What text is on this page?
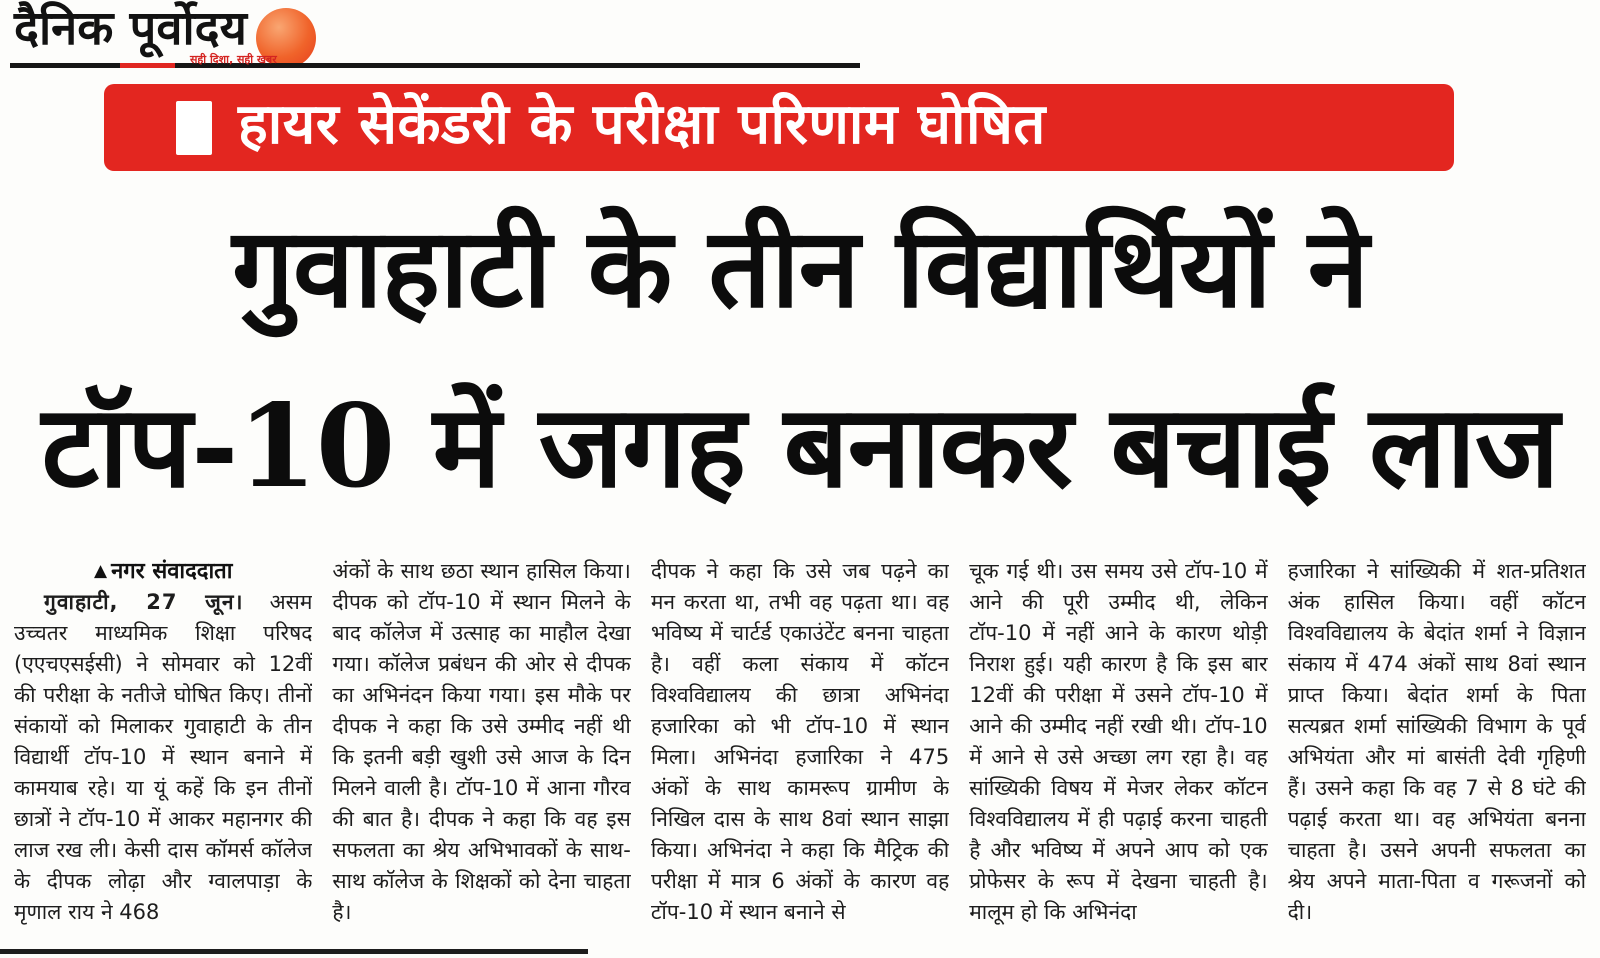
दैनिक पूर्वोदय
सही दिशा, सही खबर
हायर सेकेंडरी के परीक्षा परिणाम घोषित
गुवाहाटी के तीन विद्यार्थियों ने
टॉप-10 में जगह बनाकर बचाई लाज
▲ नगर संवाददाता
गुवाहाटी, 27 जून। असम उच्चतर माध्यमिक शिक्षा परिषद (एएचएसईसी) ने सोमवार को 12वीं की परीक्षा के नतीजे घोषित किए। तीनों संकायों को मिलाकर गुवाहाटी के तीन विद्यार्थी टॉप-10 में स्थान बनाने में कामयाब रहे। या यूं कहें कि इन तीनों छात्रों ने टॉप-10 में आकर महानगर की लाज रख ली। केसी दास कॉमर्स कॉलेज के दीपक लोढ़ा और ग्वालपाड़ा के मृणाल राय ने 468
अंकों के साथ छठा स्थान हासिल किया। दीपक को टॉप-10 में स्थान मिलने के बाद कॉलेज में उत्साह का माहौल देखा गया। कॉलेज प्रबंधन की ओर से दीपक का अभिनंदन किया गया। इस मौके पर दीपक ने कहा कि उसे उम्मीद नहीं थी कि इतनी बड़ी खुशी उसे आज के दिन मिलने वाली है। टॉप-10 में आना गौरव की बात है। दीपक ने कहा कि वह इस सफलता का श्रेय अभिभावकों के साथ-साथ कॉलेज के शिक्षकों को देना चाहता है।
दीपक ने कहा कि उसे जब पढ़ने का मन करता था, तभी वह पढ़ता था। वह भविष्य में चार्टर्ड एकाउंटेंट बनना चाहता है। वहीं कला संकाय में कॉटन विश्वविद्यालय की छात्रा अभिनंदा हजारिका को भी टॉप-10 में स्थान मिला। अभिनंदा हजारिका ने 475 अंकों के साथ कामरूप ग्रामीण के निखिल दास के साथ 8वां स्थान साझा किया। अभिनंदा ने कहा कि मैट्रिक की परीक्षा में मात्र 6 अंकों के कारण वह टॉप-10 में स्थान बनाने से
चूक गई थी। उस समय उसे टॉप-10 में आने की पूरी उम्मीद थी, लेकिन टॉप-10 में नहीं आने के कारण थोड़ी निराश हुई। यही कारण है कि इस बार 12वीं की परीक्षा में उसने टॉप-10 में आने की उम्मीद नहीं रखी थी। टॉप-10 में आने से उसे अच्छा लग रहा है। वह सांख्यिकी विषय में मेजर लेकर कॉटन विश्वविद्यालय में ही पढ़ाई करना चाहती है और भविष्य में अपने आप को एक प्रोफेसर के रूप में देखना चाहती है। मालूम हो कि अभिनंदा
हजारिका ने सांख्यिकी में शत-प्रतिशत अंक हासिल किया। वहीं कॉटन विश्वविद्यालय के बेदांत शर्मा ने विज्ञान संकाय में 474 अंकों साथ 8वां स्थान प्राप्त किया। बेदांत शर्मा के पिता सत्यब्रत शर्मा सांख्यिकी विभाग के पूर्व अभियंता और मां बासंती देवी गृहिणी हैं। उसने कहा कि वह 7 से 8 घंटे की पढ़ाई करता था। वह अभियंता बनना चाहता है। उसने अपनी सफलता का श्रेय अपने माता-पिता व गरूजनों को दी।
